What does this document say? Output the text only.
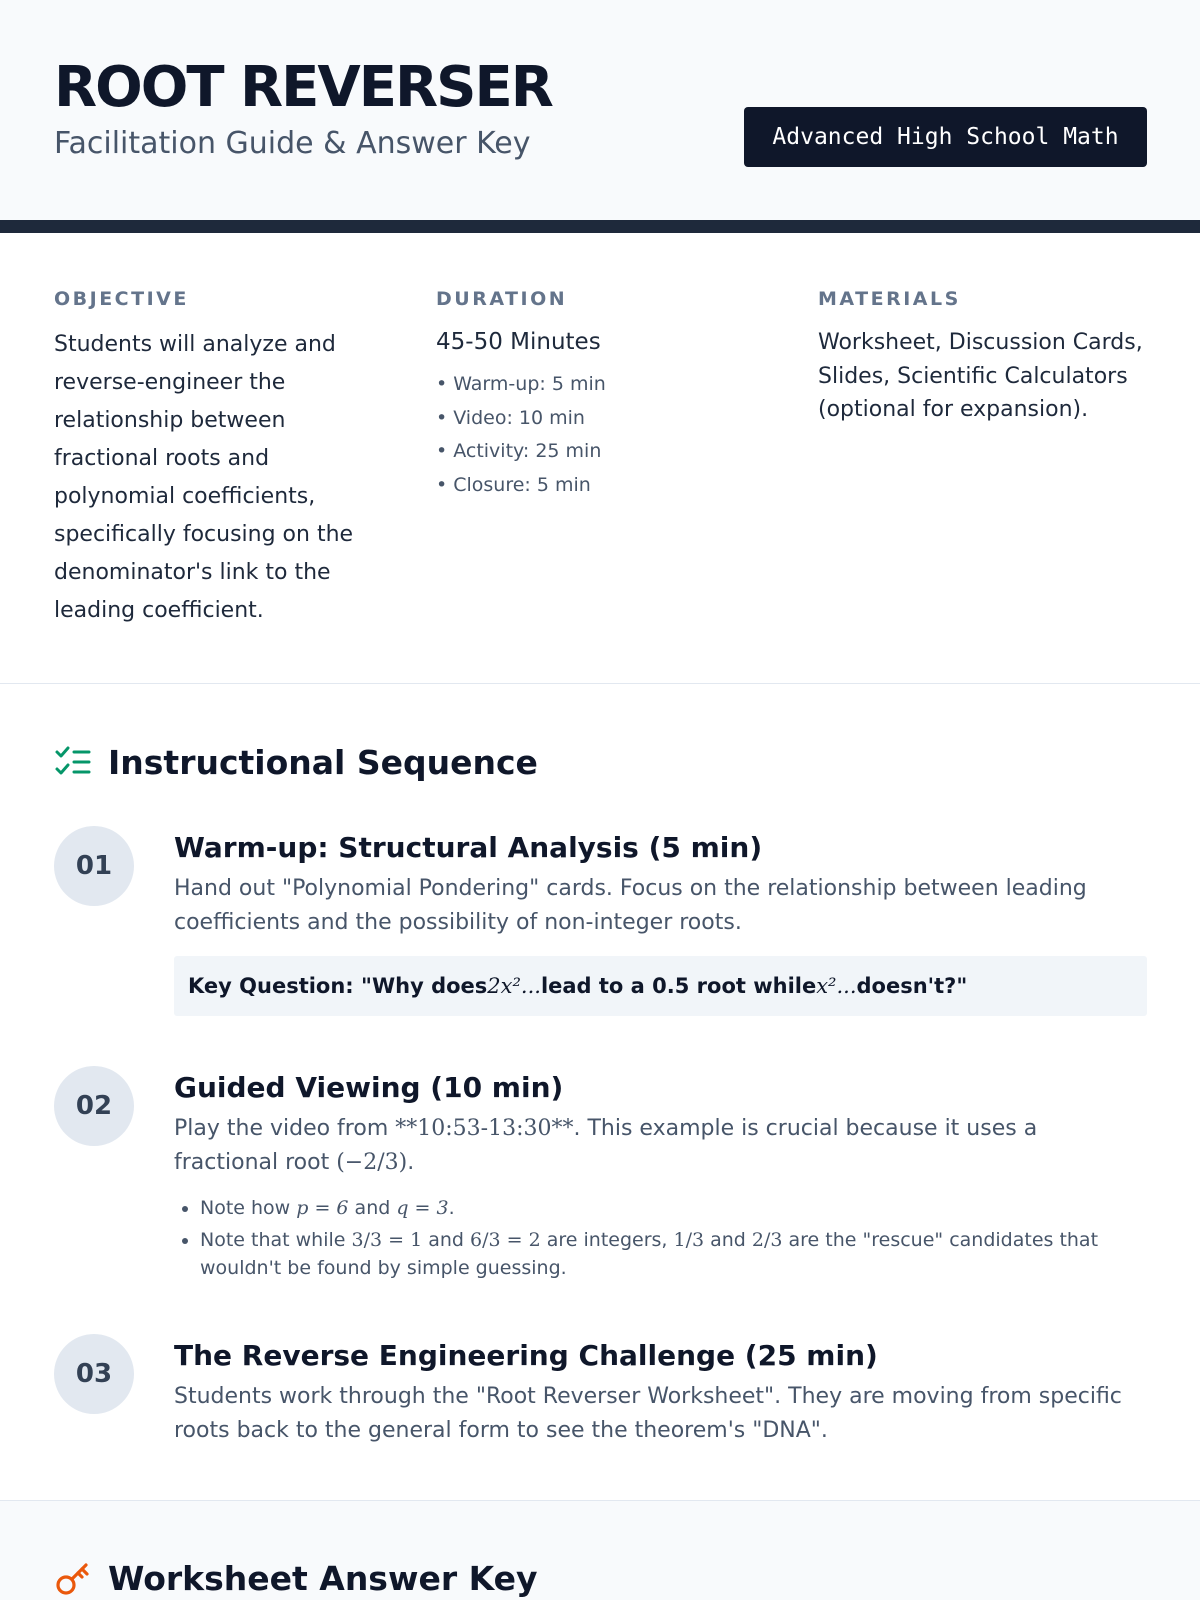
ROOT REVERSER
Facilitation Guide & Answer Key	Advanced High School Math
OBJECTIVE
Students will analyze and reverse-engineer the relationship between fractional roots and polynomial coefficients, specifically focusing on the denominator's link to the leading coefficient.
DURATION
45-50 Minutes
• Warm-up: 5 min
• Video: 10 min
• Activity: 25 min
• Closure: 5 min
MATERIALS
Worksheet, Discussion Cards, Slides, Scientific Calculators (optional for expansion).
Instructional Sequence
01
Warm-up: Structural Analysis (5 min)
Hand out "Polynomial Pondering" cards. Focus on the relationship between leading coefficients and the possibility of non-integer roots.
Key Question: "Why does 2x²... lead to a 0.5 root while x²... doesn't?"
02
Guided Viewing (10 min)
Play the video from **10:53-13:30**. This example is crucial because it uses a fractional root (−2/3).
• Note how p = 6 and q = 3.
• Note that while 3/3 = 1 and 6/3 = 2 are integers, 1/3 and 2/3 are the "rescue" candidates that wouldn't be found by simple guessing.
03
The Reverse Engineering Challenge (25 min)
Students work through the "Root Reverser Worksheet". They are moving from specific roots back to the general form to see the theorem's "DNA".
Worksheet Answer Key
